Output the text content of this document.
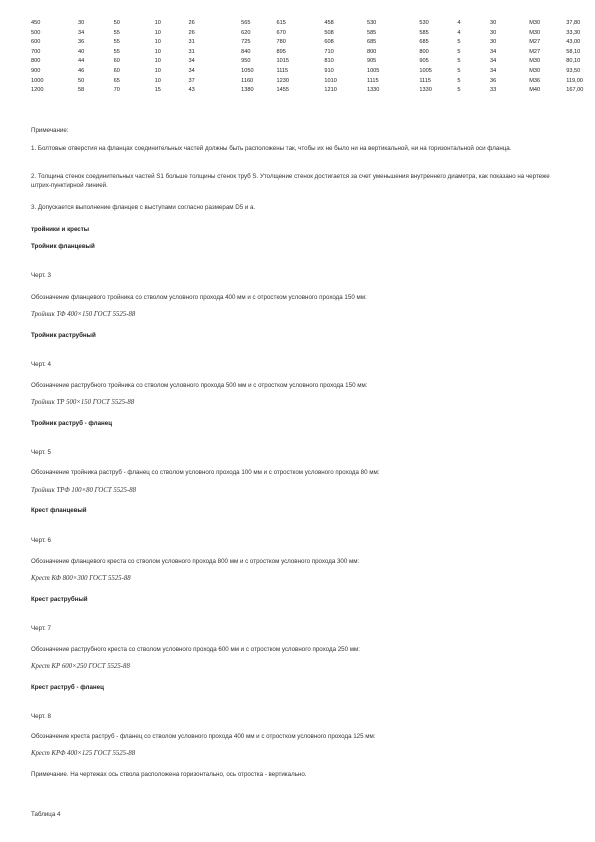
450	30	50	10	26	565	615	458	530	530	4	30	M30	37,80
500	34	55	10	26	620	670	508	585	585	4	30	M30	33,30
600	36	55	10	31	725	780	608	685	685	5	30	M27	43,00
700	40	55	10	31	840	895	710	800	800	5	34	M27	58,10
800	44	60	10	34	950	1015	810	905	905	5	34	M30	80,10
900	46	60	10	34	1050	1115	910	1005	1005	5	34	M30	93,50
1000	50	65	10	37	1160	1230	1010	1115	1115	5	36	M36	119,00
1200	58	70	15	43	1380	1455	1210	1330	1330	5	33	M40	167,00

Примечание:

1. Болтовые отверстия на фланцах соединительных частей должны быть расположены так, чтобы их не было ни на вертикальной, ни на горизонтальной оси фланца.

2. Толщина стенок соединительных частей S1 больше толщины стенок труб S. Утолщение стенок достигается за счет уменьшения внутреннего диаметра, как показано на чертеже штрих-пунктирной линией.

3. Допускается выполнение фланцев с выступами согласно размерам D5 и а.

тройники и кресты

Тройник фланцевый

Черт. 3

Обозначение фланцевого тройника со стволом условного прохода 400 мм и с отростком условного прохода 150 мм:

Тройник ТФ 400×150 ГОСТ 5525-88

Тройник раструбный

Черт. 4

Обозначение раструбного тройника со стволом условного прохода 500 мм и с отростком условного прохода 150 мм:

Тройник ТР 500×150 ГОСТ 5525-88

Тройник раструб - фланец

Черт. 5

Обозначение тройника раструб - фланец со стволом условного прохода 100 мм и с отростком условного прохода 80 мм:

Тройник ТРФ 100×80 ГОСТ 5525-88

Крест фланцевый

Черт. 6

Обозначение фланцевого креста со стволом условного прохода 800 мм и с отростком условного прохода 300 мм:

Крест КФ 800×300 ГОСТ 5525-88

Крест раструбный

Черт. 7

Обозначение раструбного креста со стволом условного прохода 600 мм и с отростком условного прохода 250 мм:

Крест КР 600×250 ГОСТ 5525-88

Крест раструб - фланец

Черт. 8

Обозначение креста раструб - фланец со стволом условного прохода 400 мм и с отростком условного прохода 125 мм:

Крест КРФ 400×125 ГОСТ 5525-88

Примечание. На чертежах ось ствола расположена горизонтально, ось отростка - вертикально.

Таблица 4
